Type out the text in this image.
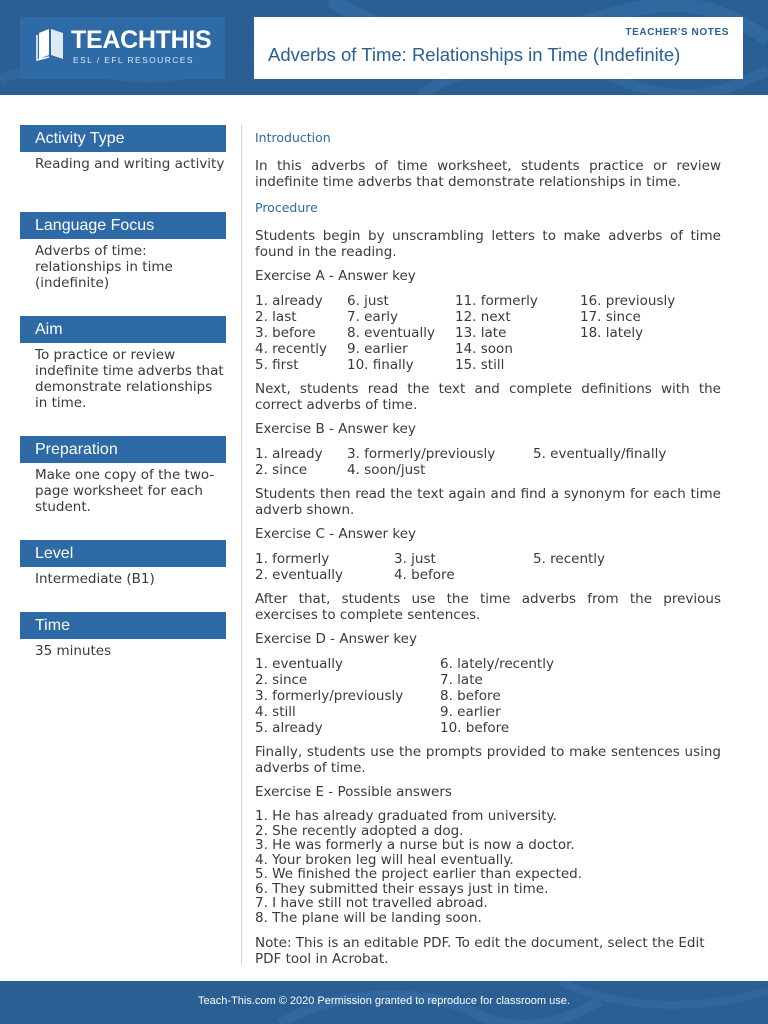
TEACHTHIS
ESL / EFL RESOURCES
TEACHER'S NOTES
Adverbs of Time: Relationships in Time (Indefinite)
Activity Type
Reading and writing activity
Language Focus
Adverbs of time: relationships in time (indefinite)
Aim
To practice or review indefinite time adverbs that demonstrate relationships in time.
Preparation
Make one copy of the two-page worksheet for each student.
Level
Intermediate (B1)
Time
35 minutes
Introduction
In this adverbs of time worksheet, students practice or review indefinite time adverbs that demonstrate relationships in time.
Procedure
Students begin by unscrambling letters to make adverbs of time found in the reading.
Exercise A - Answer key
1. already
2. last
3. before
4. recently
5. first
6. just
7. early
8. eventually
9. earlier
10. finally
11. formerly
12. next
13. late
14. soon
15. still
16. previously
17. since
18. lately
Next, students read the text and complete definitions with the correct adverbs of time.
Exercise B - Answer key
1. already
2. since
3. formerly/previously
4. soon/just
5. eventually/finally
Students then read the text again and find a synonym for each time adverb shown.
Exercise C - Answer key
1. formerly
2. eventually
3. just
4. before
5. recently
After that, students use the time adverbs from the previous exercises to complete sentences.
Exercise D - Answer key
1. eventually
2. since
3. formerly/previously
4. still
5. already
6. lately/recently
7. late
8. before
9. earlier
10. before
Finally, students use the prompts provided to make sentences using adverbs of time.
Exercise E - Possible answers
1. He has already graduated from university.
2. She recently adopted a dog.
3. He was formerly a nurse but is now a doctor.
4. Your broken leg will heal eventually.
5. We finished the project earlier than expected.
6. They submitted their essays just in time.
7. I have still not travelled abroad.
8. The plane will be landing soon.
Note: This is an editable PDF. To edit the document, select the Edit PDF tool in Acrobat.
Teach-This.com © 2020 Permission granted to reproduce for classroom use.
